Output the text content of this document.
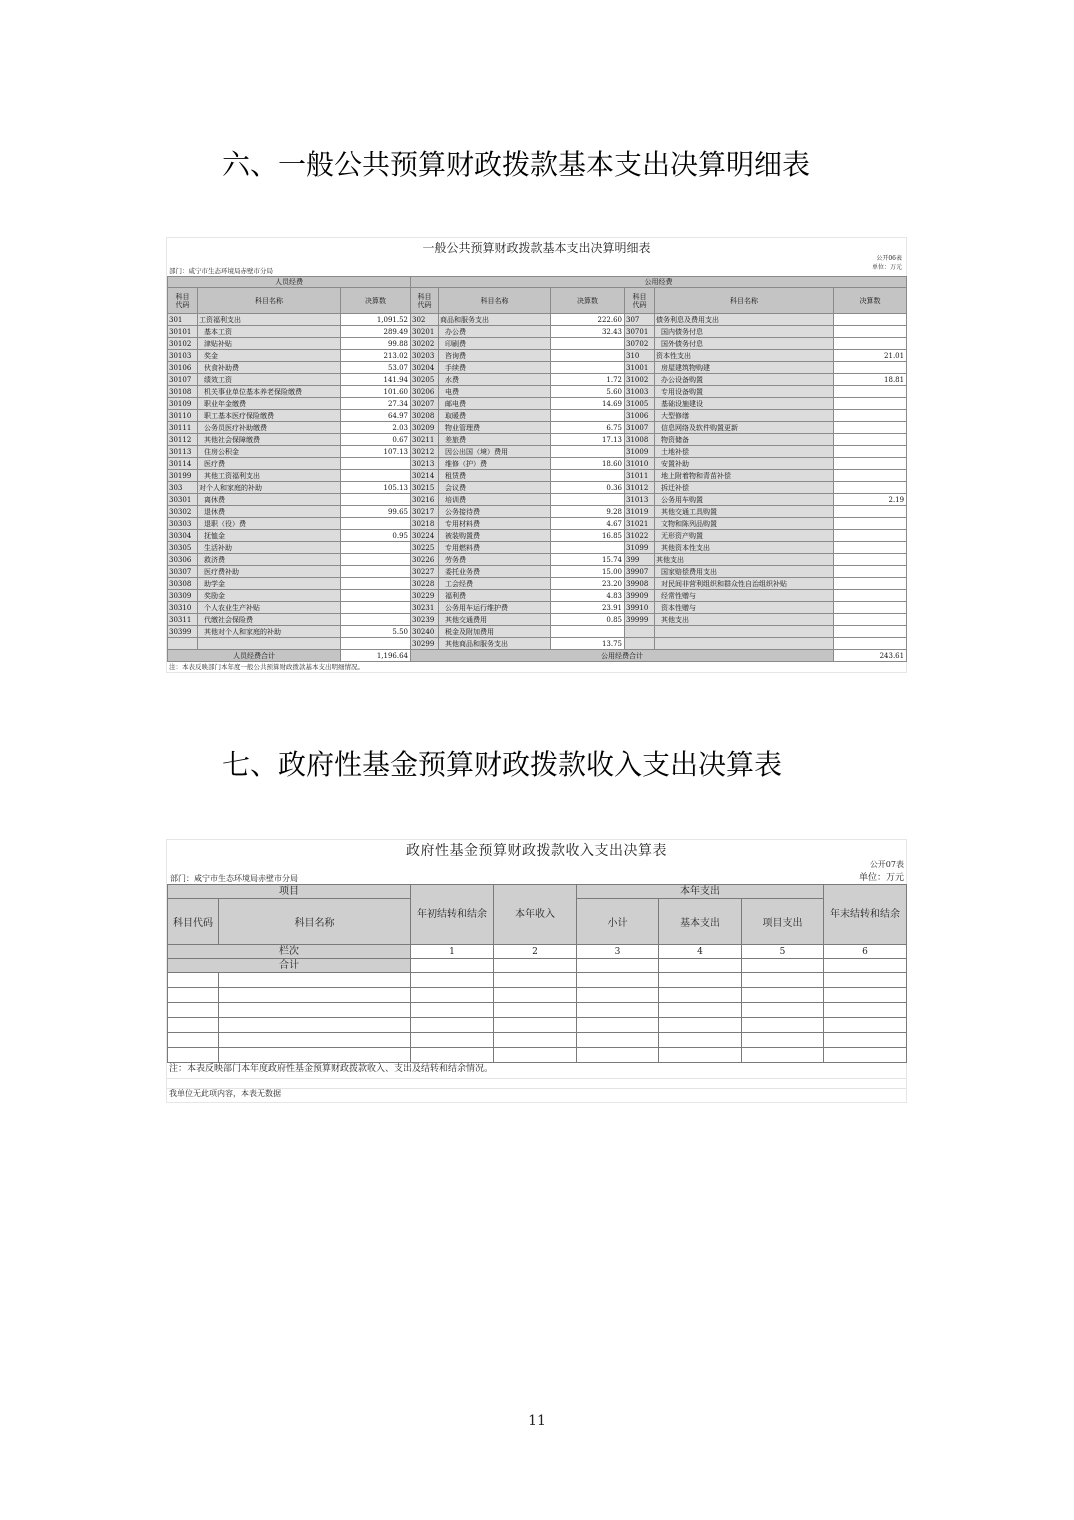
六、一般公共预算财政拨款基本支出决算明细表
一般公共预算财政拨款基本支出决算明细表
公开06表
单位：万元
部门：咸宁市生态环境局赤壁市分局
人员经费			公用经费					
科目代码	科目名称	决算数	科目代码	科目名称	决算数	科目代码	科目名称	决算数
301	工资福利支出	1,091.52	302	商品和服务支出	222.60	307	债务利息及费用支出	
30101	基本工资	289.49	30201	办公费	32.43	30701	国内债务付息	
30102	津贴补贴	99.88	30202	印刷费		30702	国外债务付息	
30103	奖金	213.02	30203	咨询费		310	资本性支出	21.01
30106	伙食补助费	53.07	30204	手续费		31001	房屋建筑物购建	
30107	绩效工资	141.94	30205	水费	1.72	31002	办公设备购置	18.81
30108	机关事业单位基本养老保险缴费	101.60	30206	电费	5.60	31003	专用设备购置	
30109	职业年金缴费	27.34	30207	邮电费	14.69	31005	基础设施建设	
30110	职工基本医疗保险缴费	64.97	30208	取暖费		31006	大型修缮	
30111	公务员医疗补助缴费	2.03	30209	物业管理费	6.75	31007	信息网络及软件购置更新	
30112	其他社会保障缴费	0.67	30211	差旅费	17.13	31008	物资储备	
30113	住房公积金	107.13	30212	因公出国（境）费用		31009	土地补偿	
30114	医疗费		30213	维修（护）费	18.60	31010	安置补助	
30199	其他工资福利支出		30214	租赁费		31011	地上附着物和青苗补偿	
303	对个人和家庭的补助	105.13	30215	会议费	0.36	31012	拆迁补偿	
30301	离休费		30216	培训费		31013	公务用车购置	2.19
30302	退休费	99.65	30217	公务接待费	9.28	31019	其他交通工具购置	
30303	退职（役）费		30218	专用材料费	4.67	31021	文物和陈列品购置	
30304	抚恤金	0.95	30224	被装购置费	16.85	31022	无形资产购置	
30305	生活补助		30225	专用燃料费		31099	其他资本性支出	
30306	救济费		30226	劳务费	15.74	399	其他支出	
30307	医疗费补助		30227	委托业务费	15.00	39907	国家赔偿费用支出	
30308	助学金		30228	工会经费	23.20	39908	对民间非营利组织和群众性自治组织补贴	
30309	奖励金		30229	福利费	4.83	39909	经常性赠与	
30310	个人农业生产补贴		30231	公务用车运行维护费	23.91	39910	资本性赠与	
30311	代缴社会保险费		30239	其他交通费用	0.85	39999	其他支出	
30399	其他对个人和家庭的补助	5.50	30240	税金及附加费用				
			30299	其他商品和服务支出	13.75			
人员经费合计		1,196.64	公用经费合计					243.61
注：本表反映部门本年度一般公共预算财政拨款基本支出明细情况。
七、政府性基金预算财政拨款收入支出决算表
政府性基金预算财政拨款收入支出决算表
公开07表
单位：万元
部门：咸宁市生态环境局赤壁市分局
项目		年初结转和结余	本年收入	本年支出			年末结转和结余
科目代码	科目名称			小计	基本支出	项目支出	
栏次		1	2	3	4	5	6
合计							

注：本表反映部门本年度政府性基金预算财政拨款收入、支出及结转和结余情况。
我单位无此项内容，本表无数据
11
